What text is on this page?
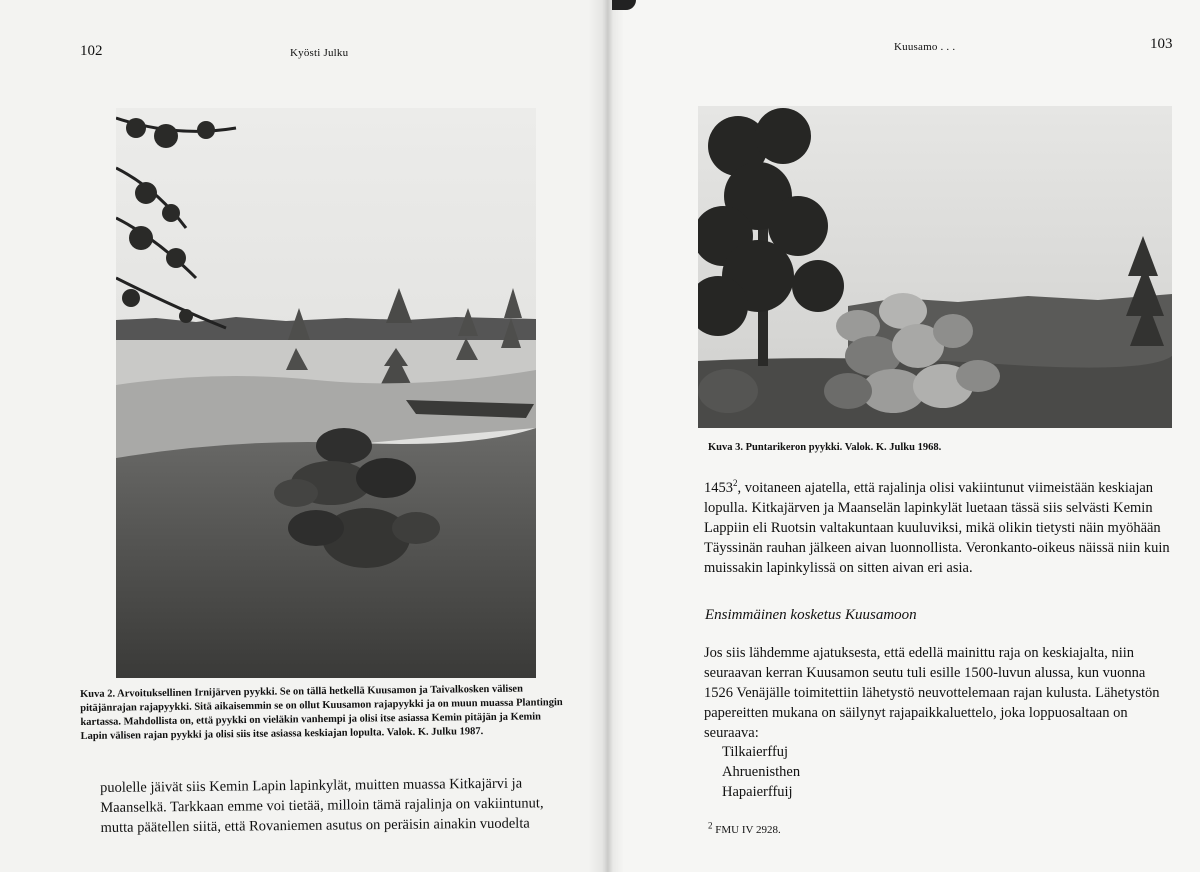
102	Kyösti Julku
Kuva 2. Arvoituksellinen Irnijärven pyykki. Se on tällä hetkellä Kuusamon ja Taivalkosken välisen pitäjänrajan rajapyykki. Sitä aikaisemmin se on ollut Kuusamon rajapyykki ja on muun muassa Plantingin kartassa. Mahdollista on, että pyykki on vieläkin vanhempi ja olisi itse asiassa Kemin pitäjän ja Kemin Lapin välisen rajan pyykki ja olisi siis itse asiassa keskiajan lopulta. Valok. K. Julku 1987.

puolelle jäivät siis Kemin Lapin lapinkylät, muitten muassa Kitkajärvi ja

Maanselkä. Tarkkaan emme voi tietää, milloin tämä rajalinja on vakiintunut,

mutta päätellen siitä, että Rovaniemen asutus on peräisin ainakin vuodelta

Kuusamo . . .	103
Kuva 3. Puntarikeron pyykki. Valok. K. Julku 1968.
1453$^2$, voitaneen ajatella, että rajalinja olisi vakiintunut viimeistään keskiajan lopulla. Kitkajärven ja Maanselän lapinkylät luetaan tässä siis selvästi Kemin Lappiin eli Ruotsin valtakuntaan kuuluviksi, mikä olikin tietysti näin myöhään Täyssinän rauhan jälkeen aivan luonnollista. Veronkanto-oikeus näissä niin kuin muissakin lapinkylissä on sitten aivan eri asia.
Ensimmäinen kosketus Kuusamoon
Jos siis lähdemme ajatuksesta, että edellä mainittu raja on keskiajalta, niin seuraavan kerran Kuusamon seutu tuli esille 1500-luvun alussa, kun vuonna 1526 Venäjälle toimitettiin lähetystö neuvottelemaan rajan kulusta. Lähetystön papereitten mukana on säilynyt rajapaikkaluettelo, joka loppuosaltaan on seuraava:
Tilkaierffuj
Ahruenisthen
Hapaierffuij
$^2$ FMU IV 2928.
